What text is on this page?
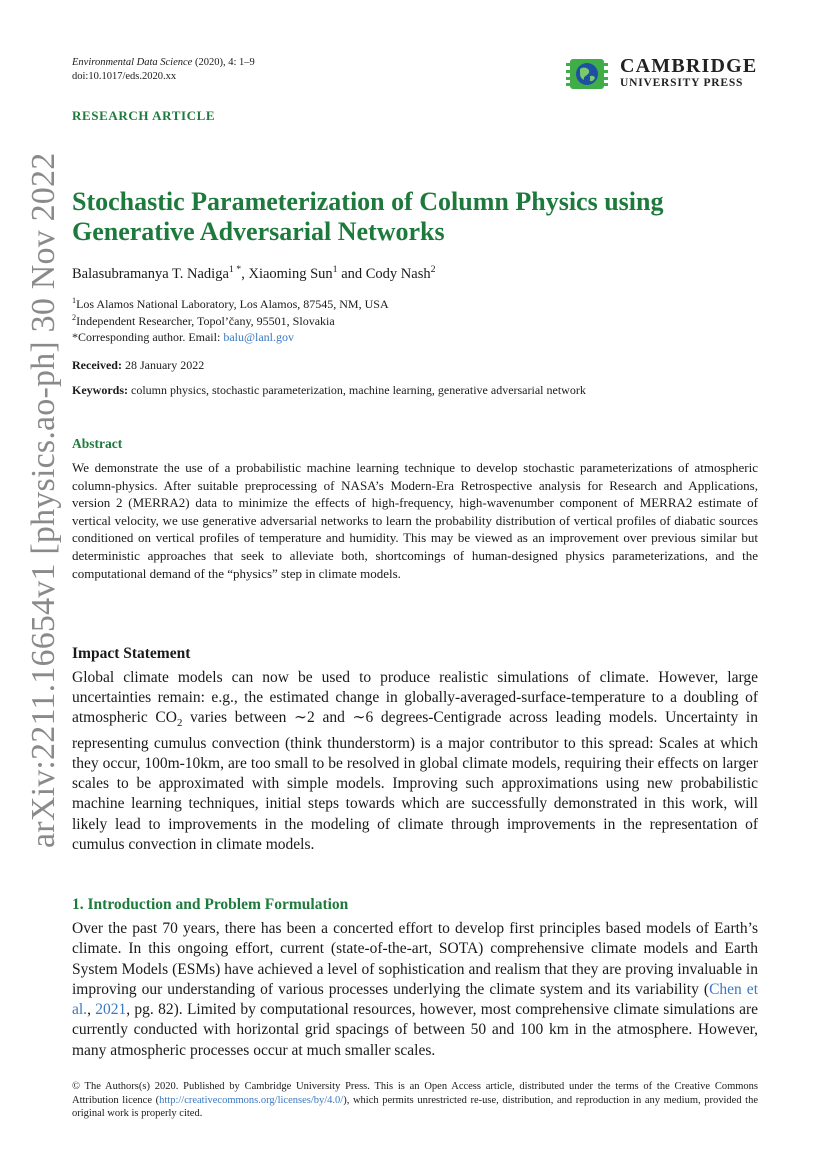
arXiv:2211.16654v1 [physics.ao-ph] 30 Nov 2022
Environmental Data Science (2020), 4: 1–9
doi:10.1017/eds.2020.xx	CAMBRIDGE
UNIVERSITY PRESS
RESEARCH ARTICLE
Stochastic Parameterization of Column Physics using Generative Adversarial Networks
Balasubramanya T. Nadiga$^{1 *}$, Xiaoming Sun$^1$ and Cody Nash$^2$
$^1$Los Alamos National Laboratory, Los Alamos, 87545, NM, USA
$^2$Independent Researcher, Topol’čany, 95501, Slovakia
*Corresponding author. Email: balu@lanl.gov
Received: 28 January 2022
Keywords: column physics, stochastic parameterization, machine learning, generative adversarial network
Abstract
We demonstrate the use of a probabilistic machine learning technique to develop stochastic parameterizations of atmospheric column-physics. After suitable preprocessing of NASA’s Modern-Era Retrospective analysis for Research and Applications, version 2 (MERRA2) data to minimize the effects of high-frequency, high-wavenumber component of MERRA2 estimate of vertical velocity, we use generative adversarial networks to learn the probability distribution of vertical profiles of diabatic sources conditioned on vertical profiles of temperature and humidity. This may be viewed as an improvement over previous similar but deterministic approaches that seek to alleviate both, shortcomings of human-designed physics parameterizations, and the computational demand of the “physics” step in climate models.
Impact Statement
Global climate models can now be used to produce realistic simulations of climate. However, large uncertainties remain: e.g., the estimated change in globally-averaged-surface-temperature to a doubling of atmospheric $CO_2$ varies between ∼2 and ∼6 degrees-Centigrade across leading models. Uncertainty in representing cumulus convection (think thunderstorm) is a major contributor to this spread: Scales at which they occur, 100m-10km, are too small to be resolved in global climate models, requiring their effects on larger scales to be approximated with simple models. Improving such approximations using new probabilistic machine learning techniques, initial steps towards which are successfully demonstrated in this work, will likely lead to improvements in the modeling of climate through improvements in the representation of cumulus convection in climate models.
1. Introduction and Problem Formulation
Over the past 70 years, there has been a concerted effort to develop first principles based models of Earth’s climate. In this ongoing effort, current (state-of-the-art, SOTA) comprehensive climate models and Earth System Models (ESMs) have achieved a level of sophistication and realism that they are proving invaluable in improving our understanding of various processes underlying the climate system and its variability (Chen et al., 2021, pg. 82). Limited by computational resources, however, most comprehensive climate simulations are currently conducted with horizontal grid spacings of between 50 and 100 km in the atmosphere. However, many atmospheric processes occur at much smaller scales.
© The Authors(s) 2020. Published by Cambridge University Press. This is an Open Access article, distributed under the terms of the Creative Commons Attribution licence (http://creativecommons.org/licenses/by/4.0/), which permits unrestricted re-use, distribution, and reproduction in any medium, provided the original work is properly cited.
